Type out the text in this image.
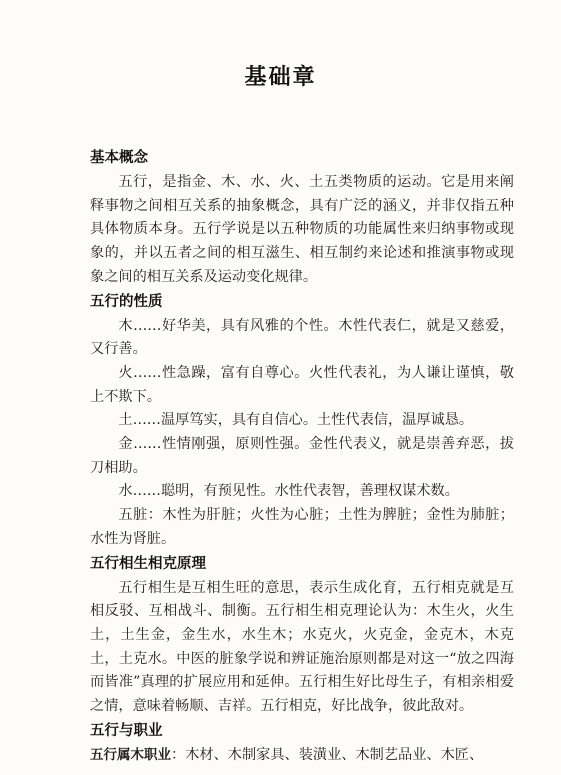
基础章
基本概念

五行，是指金、木、水、火、土五类物质的运动。它是用来阐释事物之间相互关系的抽象概念，具有广泛的涵义，并非仅指五种具体物质本身。五行学说是以五种物质的功能属性来归纳事物或现象的，并以五者之间的相互滋生、相互制约来论述和推演事物或现象之间的相互关系及运动变化规律。

五行的性质

木……好华美，具有风雅的个性。木性代表仁，就是又慈爱，又行善。

火……性急躁，富有自尊心。火性代表礼，为人谦让谨慎，敬上不欺下。

土……温厚笃实，具有自信心。土性代表信，温厚诚恳。

金……性情刚强，原则性强。金性代表义，就是崇善弃恶，拔刀相助。

水……聪明，有预见性。水性代表智，善理权谋术数。

五脏：木性为肝脏；火性为心脏；土性为脾脏；金性为肺脏；水性为肾脏。

五行相生相克原理

五行相生是互相生旺的意思，表示生成化育，五行相克就是互相反驳、互相战斗、制衡。五行相生相克理论认为：木生火，火生土，土生金，金生水，水生木；水克火，火克金，金克木，木克土，土克水。中医的脏象学说和辨证施治原则都是对这一“放之四海而皆准”真理的扩展应用和延伸。五行相生好比母生子，有相亲相爱之情，意味着畅顺、吉祥。五行相克，好比战争，彼此敌对。

五行与职业

五行属木职业：木材、木制家具、装潢业、木制艺品业、木匠、
